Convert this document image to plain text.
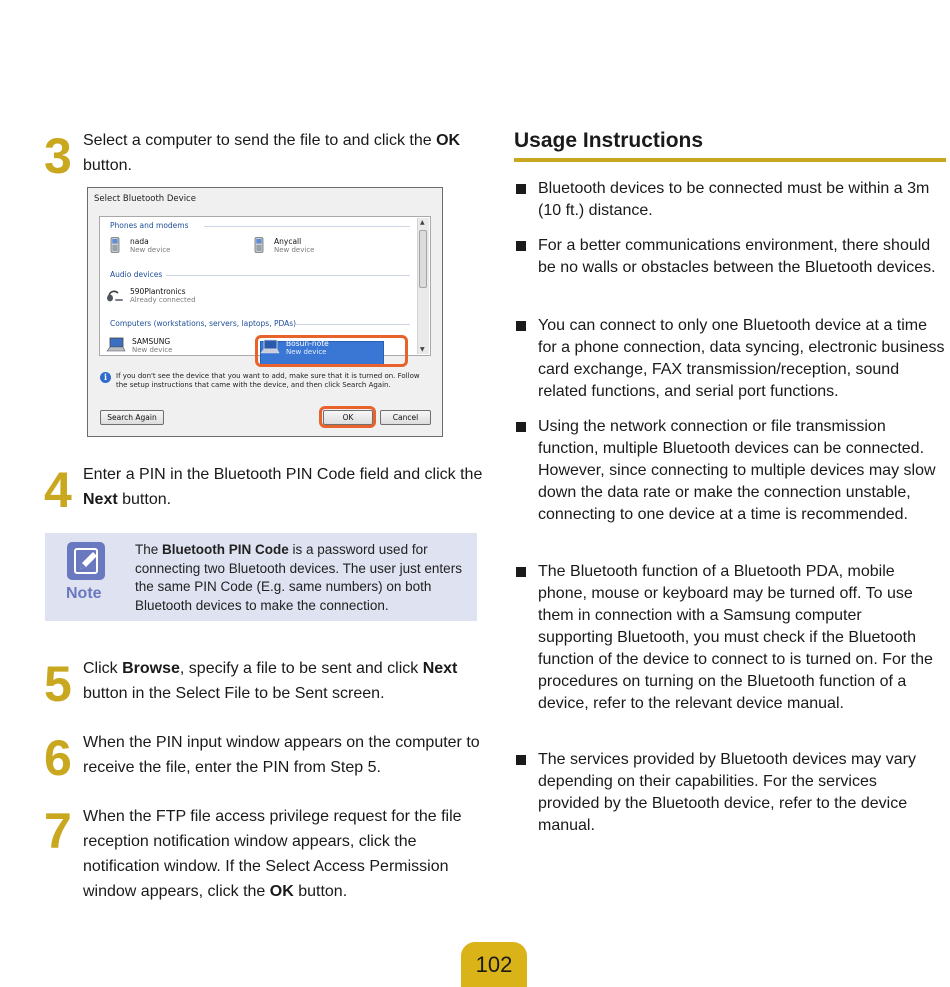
3 Select a computer to send the file to and click the OK button.
Select Bluetooth Device
Phones and modems
nada
New device
Anycall
New device
Audio devices
590Plantronics
Already connected
Computers (workstations, servers, laptops, PDAs)
SAMSUNG
New device
Bosun-note
New device
▲
▼
i	If you don't see the device that you want to add, make sure that it is turned on. Follow the setup instructions that came with the device, and then click Search Again.
Search Again	OK	Cancel
4 Enter a PIN in the Bluetooth PIN Code field and click the Next button.
Note
The Bluetooth PIN Code is a password used for connecting two Bluetooth devices. The user just enters the same PIN Code (E.g. same numbers) on both Bluetooth devices to make the connection.
5 Click Browse, specify a file to be sent and click Next button in the Select File to be Sent screen.
6 When the PIN input window appears on the computer to receive the file, enter the PIN from Step 5.
7 When the FTP file access privilege request for the file reception notification window appears, click the notification window. If the Select Access Permission window appears, click the OK button.
Usage Instructions
Bluetooth devices to be connected must be within a 3m (10 ft.) distance.
For a better communications environment, there should be no walls or obstacles between the Bluetooth devices.
You can connect to only one Bluetooth device at a time for a phone connection, data syncing, electronic business card exchange, FAX transmission/reception, sound related functions, and serial port functions.
Using the network connection or file transmission function, multiple Bluetooth devices can be connected. However, since connecting to multiple devices may slow down the data rate or make the connection unstable, connecting to one device at a time is recommended.
The Bluetooth function of a Bluetooth PDA, mobile phone, mouse or keyboard may be turned off. To use them in connection with a Samsung computer supporting Bluetooth, you must check if the Bluetooth function of the device to connect to is turned on. For the procedures on turning on the Bluetooth function of a device, refer to the relevant device manual.
The services provided by Bluetooth devices may vary depending on their capabilities. For the services provided by the Bluetooth device, refer to the device manual.
102
